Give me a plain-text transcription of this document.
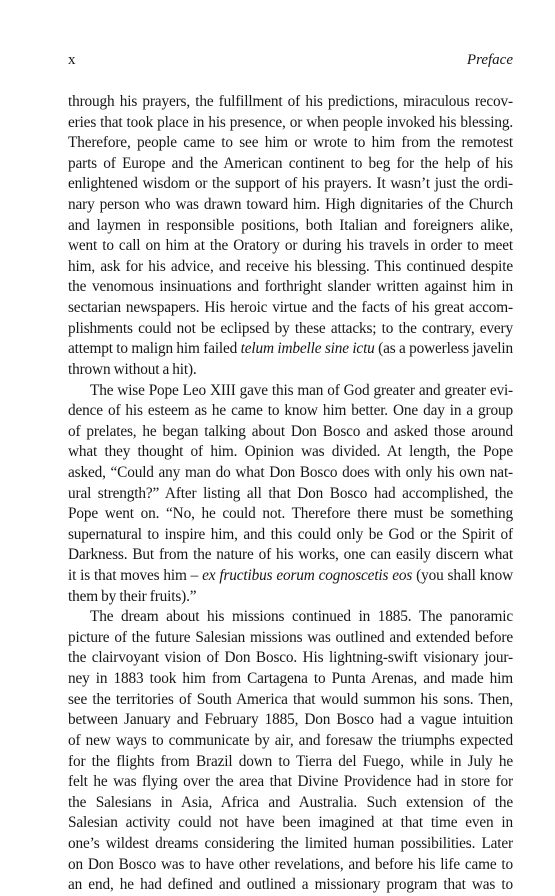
x	Preface
through his prayers, the fulfillment of his predictions, miraculous recov-
eries that took place in his presence, or when people invoked his blessing.
Therefore, people came to see him or wrote to him from the remotest
parts of Europe and the American continent to beg for the help of his
enlightened wisdom or the support of his prayers. It wasn’t just the ordi-
nary person who was drawn toward him. High dignitaries of the Church
and laymen in responsible positions, both Italian and foreigners alike,
went to call on him at the Oratory or during his travels in order to meet
him, ask for his advice, and receive his blessing. This continued despite
the venomous insinuations and forthright slander written against him in
sectarian newspapers. His heroic virtue and the facts of his great accom-
plishments could not be eclipsed by these attacks; to the contrary, every
attempt to malign him failed telum imbelle sine ictu (as a powerless javelin
thrown without a hit).
The wise Pope Leo XIII gave this man of God greater and greater evi-
dence of his esteem as he came to know him better. One day in a group
of prelates, he began talking about Don Bosco and asked those around
what they thought of him. Opinion was divided. At length, the Pope
asked, “Could any man do what Don Bosco does with only his own nat-
ural strength?” After listing all that Don Bosco had accomplished, the
Pope went on. “No, he could not. Therefore there must be something
supernatural to inspire him, and this could only be God or the Spirit of
Darkness. But from the nature of his works, one can easily discern what
it is that moves him – ex fructibus eorum cognoscetis eos (you shall know
them by their fruits).”
The dream about his missions continued in 1885. The panoramic
picture of the future Salesian missions was outlined and extended before
the clairvoyant vision of Don Bosco. His lightning-swift visionary jour-
ney in 1883 took him from Cartagena to Punta Arenas, and made him
see the territories of South America that would summon his sons. Then,
between January and February 1885, Don Bosco had a vague intuition
of new ways to communicate by air, and foresaw the triumphs expected
for the flights from Brazil down to Tierra del Fuego, while in July he
felt he was flying over the area that Divine Providence had in store for
the Salesians in Asia, Africa and Australia. Such extension of the
Salesian activity could not have been imagined at that time even in
one’s wildest dreams considering the limited human possibilities. Later
on Don Bosco was to have other revelations, and before his life came to
an end, he had defined and outlined a missionary program that was to
